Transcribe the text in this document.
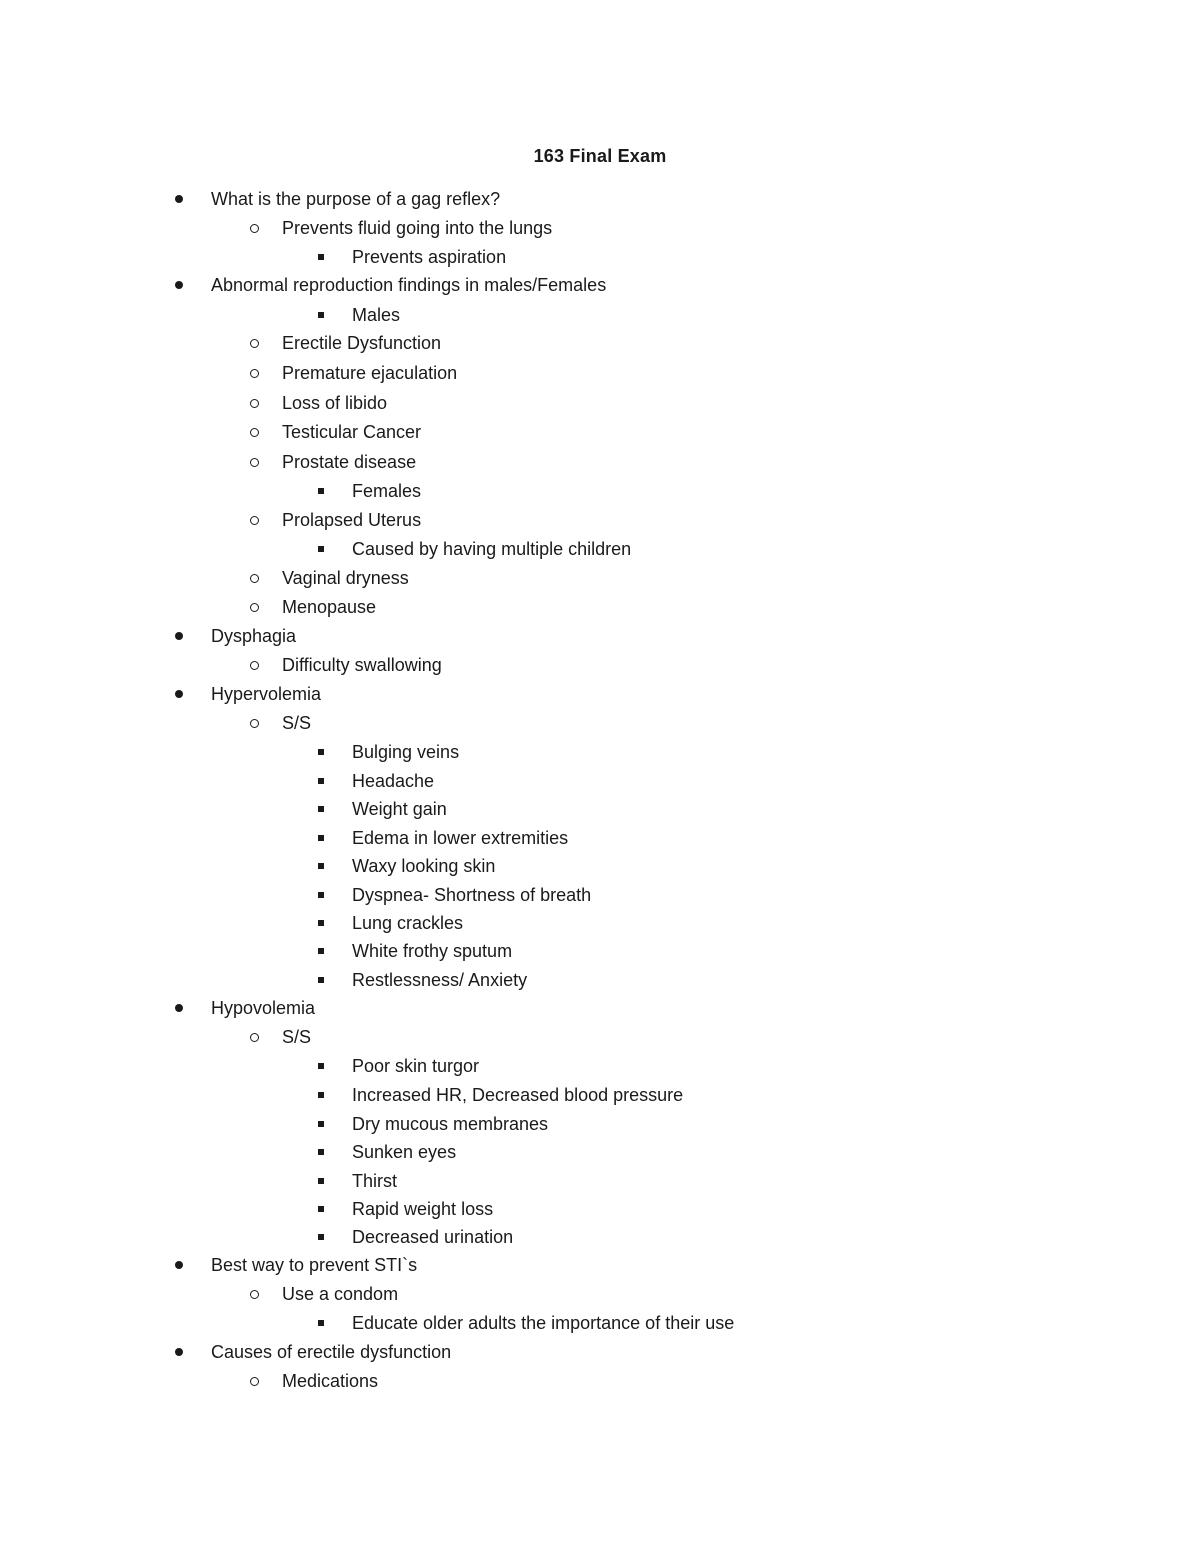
163 Final Exam
What is the purpose of a gag reflex?
Prevents fluid going into the lungs
Prevents aspiration
Abnormal reproduction findings in males/Females
Males
Erectile Dysfunction
Premature ejaculation
Loss of libido
Testicular Cancer
Prostate disease
Females
Prolapsed Uterus
Caused by having multiple children
Vaginal dryness
Menopause
Dysphagia
Difficulty swallowing
Hypervolemia
S/S
Bulging veins
Headache
Weight gain
Edema in lower extremities
Waxy looking skin
Dyspnea- Shortness of breath
Lung crackles
White frothy sputum
Restlessness/ Anxiety
Hypovolemia
S/S
Poor skin turgor
Increased HR, Decreased blood pressure
Dry mucous membranes
Sunken eyes
Thirst
Rapid weight loss
Decreased urination
Best way to prevent STI`s
Use a condom
Educate older adults the importance of their use
Causes of erectile dysfunction
Medications
